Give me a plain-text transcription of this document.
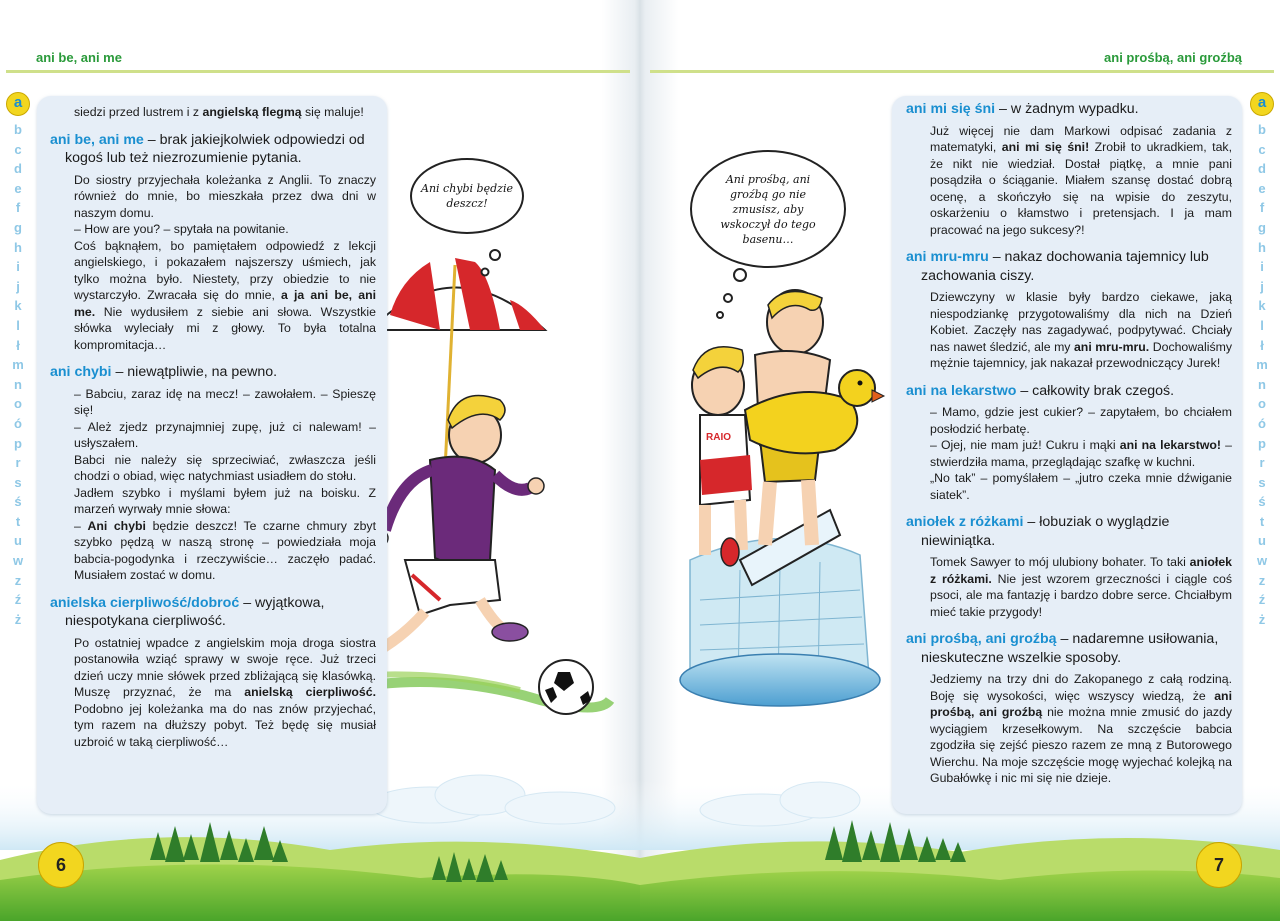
RAIO
ani be, ani me
a
b
c
d
e
f
g
h
i
j
k
l
ł
m
n
o
ó
p
r
s
ś
t
u
w
z
ź
ż

siedzi przed lustrem i z angielską flegmą się maluje!

ani be, ani me – brak jakiejkolwiek odpowiedzi od kogoś lub też niezrozumienie pytania.

Do siostry przyjechała koleżanka z Anglii. To znaczy również do mnie, bo mieszkała przez dwa dni w naszym domu.
– How are you? – spytała na powitanie.
Coś bąknąłem, bo pamiętałem odpowiedź z lekcji angielskiego, i pokazałem najszerszy uśmiech, jak tylko można było. Niestety, przy obiedzie to nie wystarczyło. Zwracała się do mnie, a ja ani be, ani me. Nie wydusiłem z siebie ani słowa. Wszystkie słówka wyleciały mi z głowy. To była totalna kompromitacja…

ani chybi – niewątpliwie, na pewno.

– Babciu, zaraz idę na mecz! – zawołałem. – Spieszę się!
– Ależ zjedz przynajmniej zupę, już ci nalewam! – usłyszałem.
Babci nie należy się sprzeciwiać, zwłaszcza jeśli chodzi o obiad, więc natychmiast usiadłem do stołu.
Jadłem szybko i myślami byłem już na boisku. Z marzeń wyrwały mnie słowa:
– Ani chybi będzie deszcz! Te czarne chmury zbyt szybko pędzą w naszą stronę – powiedziała moja babcia-pogodynka i rzeczywiście… zaczęło padać. Musiałem zostać w domu.

anielska cierpliwość/dobroć – wyjątkowa, niespotykana cierpliwość.

Po ostatniej wpadce z angielskim moja droga siostra postanowiła wziąć sprawy w swoje ręce. Już trzeci dzień uczy mnie słówek przed zbliżającą się klasówką. Muszę przyznać, że ma anielską cierpliwość. Podobno jej koleżanka ma do nas znów przyjechać, tym razem na dłuższy pobyt. Też będę się musiał uzbroić w taką cierpliwość…

Ani chybi będzie deszcz!
6
ani prośbą, ani groźbą
a
b
c
d
e
f
g
h
i
j
k
l
ł
m
n
o
ó
p
r
s
ś
t
u
w
z
ź
ż
ani mi się śni – w żadnym wypadku.

Już więcej nie dam Markowi odpisać zadania z matematyki, ani mi się śni! Zrobił to ukradkiem, tak, że nikt nie wiedział. Dostał piątkę, a mnie pani posądziła o ściąganie. Miałem szansę dostać dobrą ocenę, a skończyło się na wpisie do zeszytu, oskarżeniu o kłamstwo i pretensjach. I ja mam pracować na jego sukcesy?!

ani mru-mru – nakaz dochowania tajemnicy lub zachowania ciszy.

Dziewczyny w klasie były bardzo ciekawe, jaką niespodziankę przygotowaliśmy dla nich na Dzień Kobiet. Zaczęły nas zagadywać, podpytywać. Chciały nas nawet śledzić, ale my ani mru-mru. Dochowaliśmy mężnie tajemnicy, jak nakazał przewodniczący Jurek!

ani na lekarstwo – całkowity brak czegoś.

– Mamo, gdzie jest cukier? – zapytałem, bo chciałem posłodzić herbatę.
– Ojej, nie mam już! Cukru i mąki ani na lekarstwo! – stwierdziła mama, przeglądając szafkę w kuchni.
„No tak” – pomyślałem – „jutro czeka mnie dźwiganie siatek”.

aniołek z różkami – łobuziak o wyglądzie niewiniątka.

Tomek Sawyer to mój ulubiony bohater. To taki aniołek z różkami. Nie jest wzorem grzeczności i ciągle coś psoci, ale ma fantazję i bardzo dobre serce. Chciałbym mieć takie przygody!

ani prośbą, ani groźbą – nadaremne usiłowania, nieskuteczne wszelkie sposoby.

Jedziemy na trzy dni do Zakopanego z całą rodziną. Boję się wysokości, więc wszyscy wiedzą, że ani prośbą, ani groźbą nie można mnie zmusić do jazdy wyciągiem krzesełkowym. Na szczęście babcia zgodziła się zejść pieszo razem ze mną z Butorowego Wierchu. Na moje szczęście mogę wyjechać kolejką na Gubałówkę i nic mi się nie dzieje.

Ani prośbą, ani groźbą go nie zmusisz, aby wskoczył do tego basenu…
7
